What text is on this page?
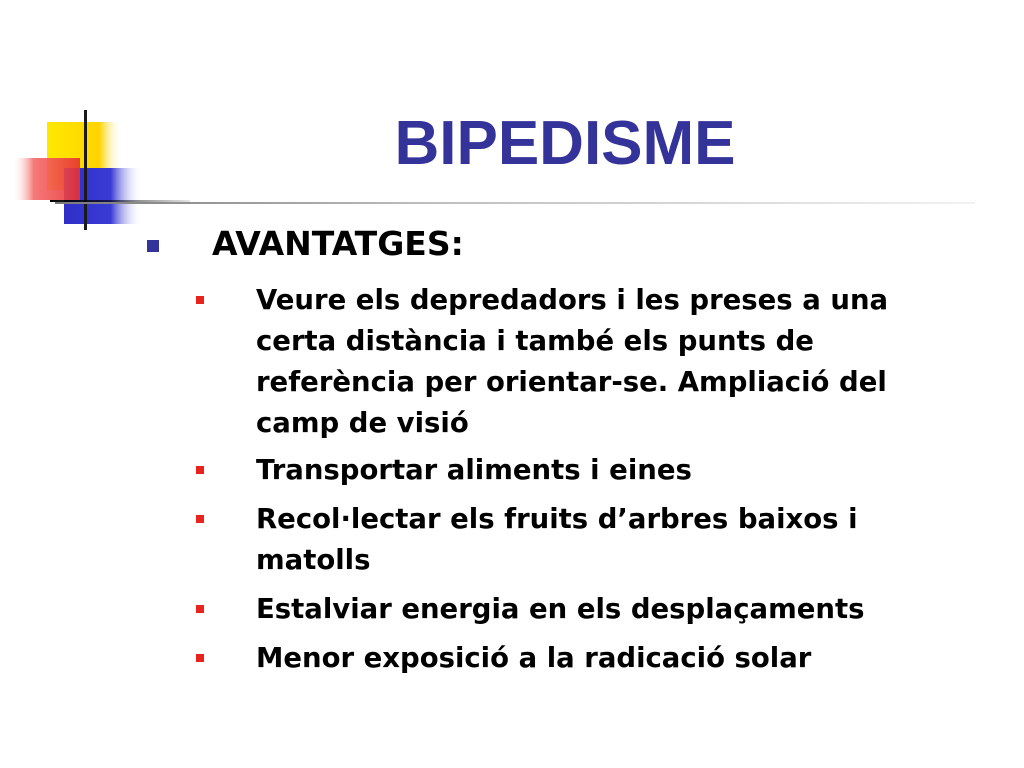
BIPEDISME
AVANTATGES:
Veure els depredadors i les preses a una certa distància i també els punts de referència per orientar-se. Ampliació del camp de visió
Transportar aliments i eines
Recol·lectar els fruits d’arbres baixos i matolls
Estalviar energia en els desplaçaments
Menor exposició a la radicació solar
